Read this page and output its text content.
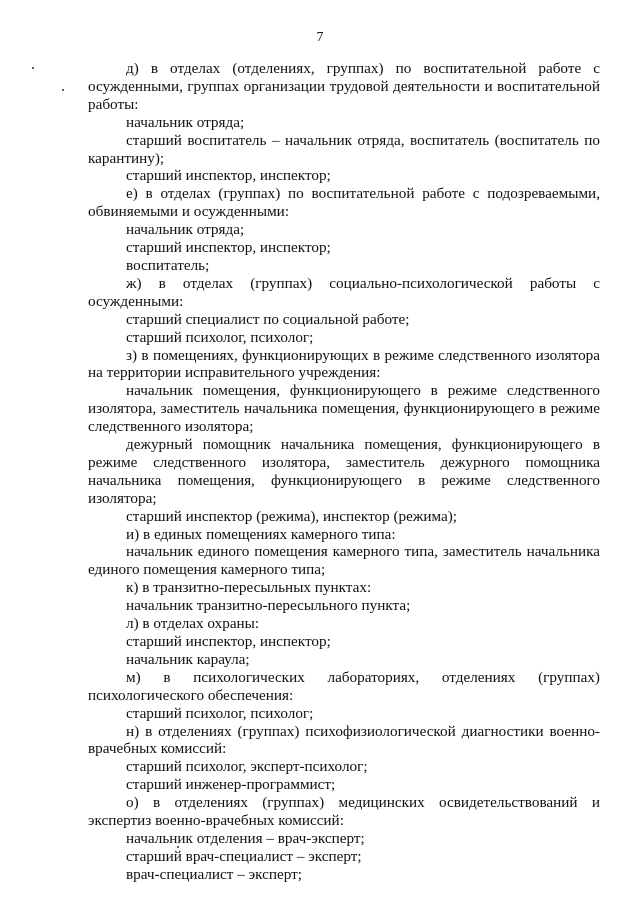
7

д) в отделах (отделениях, группах) по воспитательной работе с осужденными, группах организации трудовой деятельности и воспитательной работы:

начальник отряда;

старший воспитатель – начальник отряда, воспитатель (воспитатель по карантину);

старший инспектор, инспектор;

е) в отделах (группах) по воспитательной работе с подозреваемыми, обвиняемыми и осужденными:

начальник отряда;

старший инспектор, инспектор;

воспитатель;

ж) в отделах (группах) социально-психологической работы с осужденными:

старший специалист по социальной работе;

старший психолог, психолог;

з) в помещениях, функционирующих в режиме следственного изолятора на территории исправительного учреждения:

начальник помещения, функционирующего в режиме следственного изолятора, заместитель начальника помещения, функционирующего в режиме следственного изолятора;

дежурный помощник начальника помещения, функционирующего в режиме следственного изолятора, заместитель дежурного помощника начальника помещения, функционирующего в режиме следственного изолятора;

старший инспектор (режима), инспектор (режима);

и) в единых помещениях камерного типа:

начальник единого помещения камерного типа, заместитель начальника единого помещения камерного типа;

к) в транзитно-пересыльных пунктах:

начальник транзитно-пересыльного пункта;

л) в отделах охраны:

старший инспектор, инспектор;

начальник караула;

м) в психологических лабораториях, отделениях (группах) психологического обеспечения:

старший психолог, психолог;

н) в отделениях (группах) психофизиологической диагностики военно-врачебных комиссий:

старший психолог, эксперт-психолог;

старший инженер-программист;

о) в отделениях (группах) медицинских освидетельствований и экспертиз военно-врачебных комиссий:

начальник отделения – врач-эксперт;

старший врач-специалист – эксперт;

врач-специалист – эксперт;
